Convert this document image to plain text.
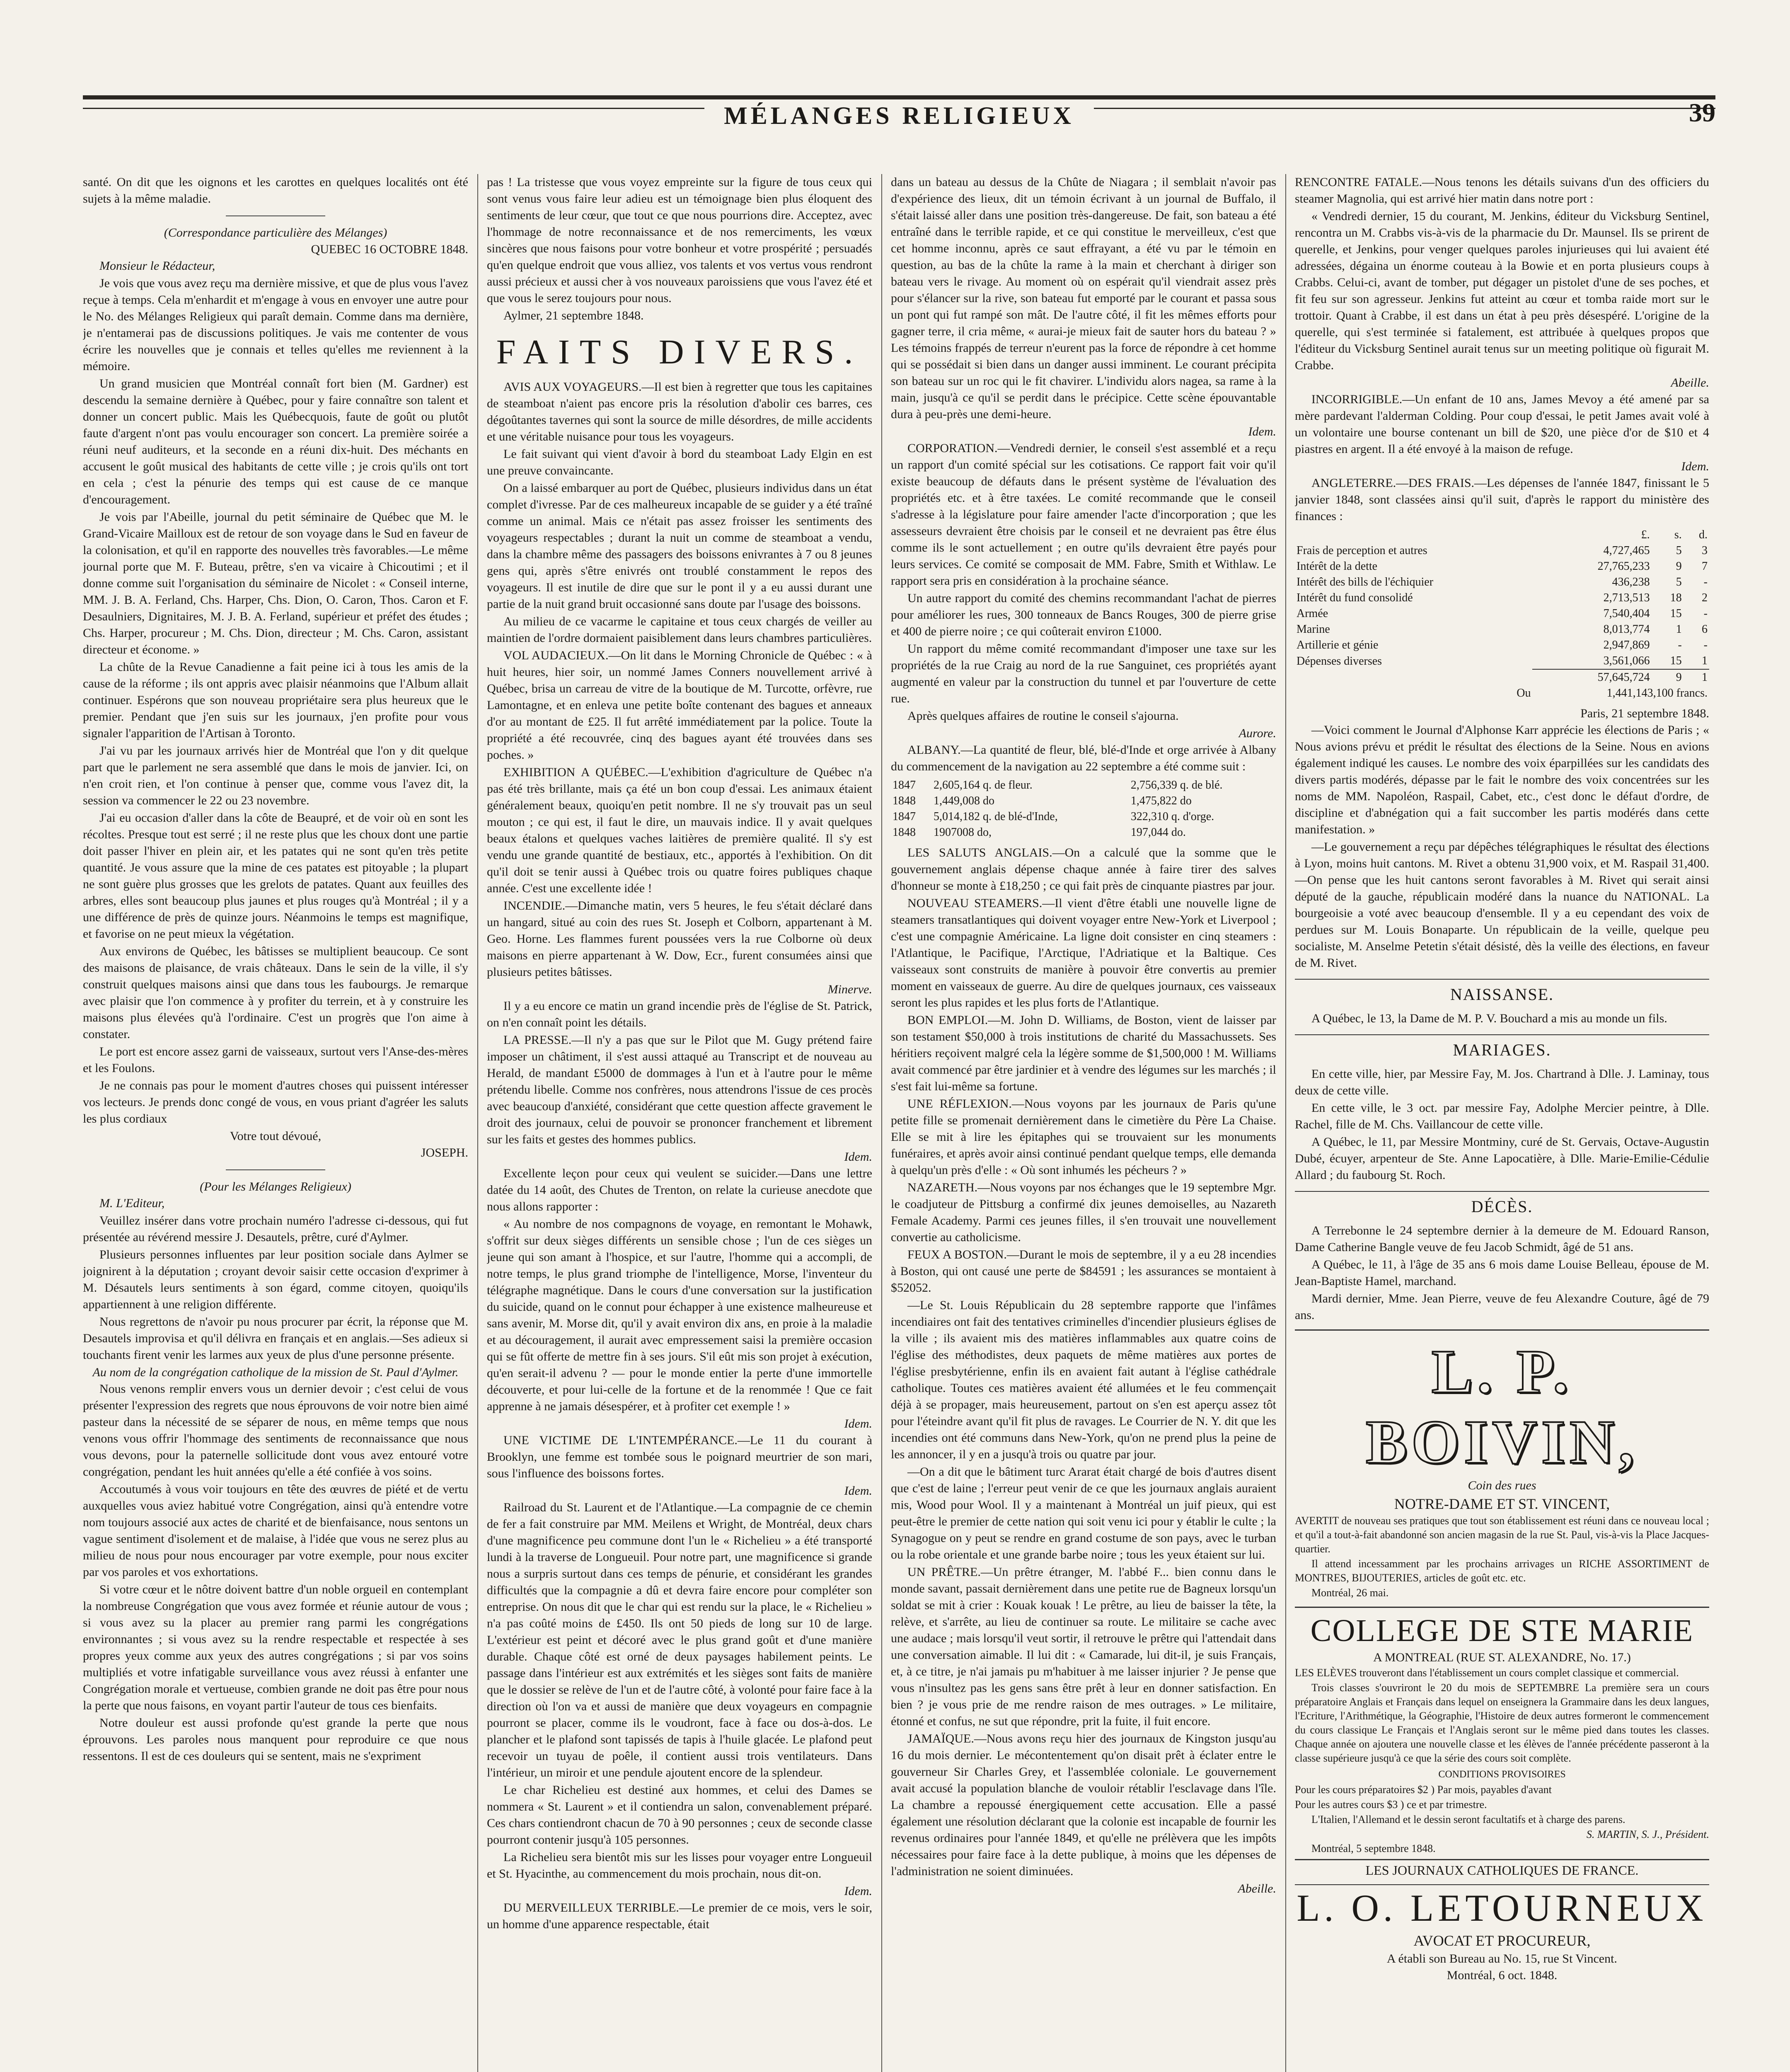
MÉLANGES RELIGIEUX	39

santé. On dit que les oignons et les carottes en quelques localités ont été sujets à la même maladie.

(Correspondance particulière des Mélanges)
QUEBEC 16 OCTOBRE 1848.

Monsieur le Rédacteur,

Je vois que vous avez reçu ma dernière missive, et que de plus vous l'avez reçue à temps. Cela m'enhardit et m'engage à vous en envoyer une autre pour le No. des Mélanges Religieux qui paraît demain. Comme dans ma dernière, je n'entamerai pas de discussions politiques. Je vais me contenter de vous écrire les nouvelles que je connais et telles qu'elles me reviennent à la mémoire.

Un grand musicien que Montréal connaît fort bien (M. Gardner) est descendu la semaine dernière à Québec, pour y faire connaître son talent et donner un concert public. Mais les Québecquois, faute de goût ou plutôt faute d'argent n'ont pas voulu encourager son concert. La première soirée a réuni neuf auditeurs, et la seconde en a réuni dix-huit. Des méchants en accusent le goût musical des habitants de cette ville ; je crois qu'ils ont tort en cela ; c'est la pénurie des temps qui est cause de ce manque d'encouragement.

Je vois par l'Abeille, journal du petit séminaire de Québec que M. le Grand-Vicaire Mailloux est de retour de son voyage dans le Sud en faveur de la colonisation, et qu'il en rapporte des nouvelles très favorables.—Le même journal porte que M. F. Buteau, prêtre, s'en va vicaire à Chicoutimi ; et il donne comme suit l'organisation du séminaire de Nicolet : « Conseil interne, MM. J. B. A. Ferland, Chs. Harper, Chs. Dion, O. Caron, Thos. Caron et F. Desaulniers, Dignitaires, M. J. B. A. Ferland, supérieur et préfet des études ; Chs. Harper, procureur ; M. Chs. Dion, directeur ; M. Chs. Caron, assistant directeur et économe. »

La chûte de la Revue Canadienne a fait peine ici à tous les amis de la cause de la réforme ; ils ont appris avec plaisir néanmoins que l'Album allait continuer. Espérons que son nouveau propriétaire sera plus heureux que le premier. Pendant que j'en suis sur les journaux, j'en profite pour vous signaler l'apparition de l'Artisan à Toronto.

J'ai vu par les journaux arrivés hier de Montréal que l'on y dit quelque part que le parlement ne sera assemblé que dans le mois de janvier. Ici, on n'en croit rien, et l'on continue à penser que, comme vous l'avez dit, la session va commencer le 22 ou 23 novembre.

J'ai eu occasion d'aller dans la côte de Beaupré, et de voir où en sont les récoltes. Presque tout est serré ; il ne reste plus que les choux dont une partie doit passer l'hiver en plein air, et les patates qui ne sont qu'en très petite quantité. Je vous assure que la mine de ces patates est pitoyable ; la plupart ne sont guère plus grosses que les grelots de patates. Quant aux feuilles des arbres, elles sont beaucoup plus jaunes et plus rouges qu'à Montréal ; il y a une différence de près de quinze jours. Néanmoins le temps est magnifique, et favorise on ne peut mieux la végétation.

Aux environs de Québec, les bâtisses se multiplient beaucoup. Ce sont des maisons de plaisance, de vrais châteaux. Dans le sein de la ville, il s'y construit quelques maisons ainsi que dans tous les faubourgs. Je remarque avec plaisir que l'on commence à y profiter du terrein, et à y construire les maisons plus élevées qu'à l'ordinaire. C'est un progrès que l'on aime à constater.

Le port est encore assez garni de vaisseaux, surtout vers l'Anse-des-mères et les Foulons.

Je ne connais pas pour le moment d'autres choses qui puissent intéresser vos lecteurs. Je prends donc congé de vous, en vous priant d'agréer les saluts les plus cordiaux

Votre tout dévoué,
JOSEPH.
(Pour les Mélanges Religieux)

M. L'Editeur,

Veuillez insérer dans votre prochain numéro l'adresse ci-dessous, qui fut présentée au révérend messire J. Desautels, prêtre, curé d'Aylmer.

Plusieurs personnes influentes par leur position sociale dans Aylmer se joignirent à la députation ; croyant devoir saisir cette occasion d'exprimer à M. Désautels leurs sentiments à son égard, comme citoyen, quoiqu'ils appartiennent à une religion différente.

Nous regrettons de n'avoir pu nous procurer par écrit, la réponse que M. Desautels improvisa et qu'il délivra en français et en anglais.—Ses adieux si touchants firent venir les larmes aux yeux de plus d'une personne présente.

Au nom de la congrégation catholique de la mission de St. Paul d'Aylmer.

Nous venons remplir envers vous un dernier devoir ; c'est celui de vous présenter l'expression des regrets que nous éprouvons de voir notre bien aimé pasteur dans la nécessité de se séparer de nous, en même temps que nous venons vous offrir l'hommage des sentiments de reconnaissance que nous vous devons, pour la paternelle sollicitude dont vous avez entouré votre congrégation, pendant les huit années qu'elle a été confiée à vos soins.

Accoutumés à vous voir toujours en tête des œuvres de piété et de vertu auxquelles vous aviez habitué votre Congrégation, ainsi qu'à entendre votre nom toujours associé aux actes de charité et de bienfaisance, nous sentons un vague sentiment d'isolement et de malaise, à l'idée que vous ne serez plus au milieu de nous pour nous encourager par votre exemple, pour nous exciter par vos paroles et vos exhortations.

Si votre cœur et le nôtre doivent battre d'un noble orgueil en contemplant la nombreuse Congrégation que vous avez formée et réunie autour de vous ; si vous avez su la placer au premier rang parmi les congrégations environnantes ; si vous avez su la rendre respectable et respectée à ses propres yeux comme aux yeux des autres congrégations ; si par vos soins multipliés et votre infatigable surveillance vous avez réussi à enfanter une Congrégation morale et vertueuse, combien grande ne doit pas être pour nous la perte que nous faisons, en voyant partir l'auteur de tous ces bienfaits.

Notre douleur est aussi profonde qu'est grande la perte que nous éprouvons. Les paroles nous manquent pour reproduire ce que nous ressentons. Il est de ces douleurs qui se sentent, mais ne s'expriment

pas ! La tristesse que vous voyez empreinte sur la figure de tous ceux qui sont venus vous faire leur adieu est un témoignage bien plus éloquent des sentiments de leur cœur, que tout ce que nous pourrions dire. Acceptez, avec l'hommage de notre reconnaissance et de nos remerciments, les vœux sincères que nous faisons pour votre bonheur et votre prospérité ; persuadés qu'en quelque endroit que vous alliez, vos talents et vos vertus vous rendront aussi précieux et aussi cher à vos nouveaux paroissiens que vous l'avez été et que vous le serez toujours pour nous.

Aylmer, 21 septembre 1848.

FAITS DIVERS.

AVIS AUX VOYAGEURS.—Il est bien à regretter que tous les capitaines de steamboat n'aient pas encore pris la résolution d'abolir ces barres, ces dégoûtantes tavernes qui sont la source de mille désordres, de mille accidents et une véritable nuisance pour tous les voyageurs.

Le fait suivant qui vient d'avoir à bord du steamboat Lady Elgin en est une preuve convaincante.

On a laissé embarquer au port de Québec, plusieurs individus dans un état complet d'ivresse. Par de ces malheureux incapable de se guider y a été traîné comme un animal. Mais ce n'était pas assez froisser les sentiments des voyageurs respectables ; durant la nuit un comme de steamboat a vendu, dans la chambre même des passagers des boissons enivrantes à 7 ou 8 jeunes gens qui, après s'être enivrés ont troublé constamment le repos des voyageurs. Il est inutile de dire que sur le pont il y a eu aussi durant une partie de la nuit grand bruit occasionné sans doute par l'usage des boissons.

Au milieu de ce vacarme le capitaine et tous ceux chargés de veiller au maintien de l'ordre dormaient paisiblement dans leurs chambres particulières.

VOL AUDACIEUX.—On lit dans le Morning Chronicle de Québec : « à huit heures, hier soir, un nommé James Conners nouvellement arrivé à Québec, brisa un carreau de vitre de la boutique de M. Turcotte, orfèvre, rue Lamontagne, et en enleva une petite boîte contenant des bagues et anneaux d'or au montant de £25. Il fut arrêté immédiatement par la police. Toute la propriété a été recouvrée, cinq des bagues ayant été trouvées dans ses poches. »

EXHIBITION A QUÉBEC.—L'exhibition d'agriculture de Québec n'a pas été très brillante, mais ça été un bon coup d'essai. Les animaux étaient généralement beaux, quoiqu'en petit nombre. Il ne s'y trouvait pas un seul mouton ; ce qui est, il faut le dire, un mauvais indice. Il y avait quelques beaux étalons et quelques vaches laitières de première qualité. Il s'y est vendu une grande quantité de bestiaux, etc., apportés à l'exhibition. On dit qu'il doit se tenir aussi à Québec trois ou quatre foires publiques chaque année. C'est une excellente idée !

INCENDIE.—Dimanche matin, vers 5 heures, le feu s'était déclaré dans un hangard, situé au coin des rues St. Joseph et Colborn, appartenant à M. Geo. Horne. Les flammes furent poussées vers la rue Colborne où deux maisons en pierre appartenant à W. Dow, Ecr., furent consumées ainsi que plusieurs petites bâtisses.

Minerve.

Il y a eu encore ce matin un grand incendie près de l'église de St. Patrick, on n'en connaît point les détails.

LA PRESSE.—Il n'y a pas que sur le Pilot que M. Gugy prétend faire imposer un châtiment, il s'est aussi attaqué au Transcript et de nouveau au Herald, de mandant £5000 de dommages à l'un et à l'autre pour le même prétendu libelle. Comme nos confrères, nous attendrons l'issue de ces procès avec beaucoup d'anxiété, considérant que cette question affecte gravement le droit des journaux, celui de pouvoir se prononcer franchement et librement sur les faits et gestes des hommes publics.

Idem.

Excellente leçon pour ceux qui veulent se suicider.—Dans une lettre datée du 14 août, des Chutes de Trenton, on relate la curieuse anecdote que nous allons rapporter :

« Au nombre de nos compagnons de voyage, en remontant le Mohawk, s'offrit sur deux sièges différents un sensible chose ; l'un de ces sièges un jeune qui son amant à l'hospice, et sur l'autre, l'homme qui a accompli, de notre temps, le plus grand triomphe de l'intelligence, Morse, l'inventeur du télégraphe magnétique. Dans le cours d'une conversation sur la justification du suicide, quand on le connut pour échapper à une existence malheureuse et sans avenir, M. Morse dit, qu'il y avait environ dix ans, en proie à la maladie et au découragement, il aurait avec empressement saisi la première occasion qui se fût offerte de mettre fin à ses jours. S'il eût mis son projet à exécution, qu'en serait-il advenu ? — pour le monde entier la perte d'une immortelle découverte, et pour lui-celle de la fortune et de la renommée ! Que ce fait apprenne à ne jamais désespérer, et à profiter cet exemple ! »

Idem.

UNE VICTIME DE L'INTEMPÉRANCE.—Le 11 du courant à Brooklyn, une femme est tombée sous le poignard meurtrier de son mari, sous l'influence des boissons fortes.

Idem.

Railroad du St. Laurent et de l'Atlantique.—La compagnie de ce chemin de fer a fait construire par MM. Meilens et Wright, de Montréal, deux chars d'une magnificence peu commune dont l'un le « Richelieu » a été transporté lundi à la traverse de Longueuil. Pour notre part, une magnificence si grande nous a surpris surtout dans ces temps de pénurie, et considérant les grandes difficultés que la compagnie a dû et devra faire encore pour compléter son entreprise. On nous dit que le char qui est rendu sur la place, le « Richelieu » n'a pas coûté moins de £450. Ils ont 50 pieds de long sur 10 de large. L'extérieur est peint et décoré avec le plus grand goût et d'une manière durable. Chaque côté est orné de deux paysages habilement peints. Le passage dans l'intérieur est aux extrémités et les sièges sont faits de manière que le dossier se relève de l'un et de l'autre côté, à volonté pour faire face à la direction où l'on va et aussi de manière que deux voyageurs en compagnie pourront se placer, comme ils le voudront, face à face ou dos-à-dos. Le plancher et le plafond sont tapissés de tapis à l'huile glacée. Le plafond peut recevoir un tuyau de poêle, il contient aussi trois ventilateurs. Dans l'intérieur, un miroir et une pendule ajoutent encore de la splendeur.

Le char Richelieu est destiné aux hommes, et celui des Dames se nommera « St. Laurent » et il contiendra un salon, convenablement préparé. Ces chars contiendront chacun de 70 à 90 personnes ; ceux de seconde classe pourront contenir jusqu'à 105 personnes.

La Richelieu sera bientôt mis sur les lisses pour voyager entre Longueuil et St. Hyacinthe, au commencement du mois prochain, nous dit-on.

Idem.

DU MERVEILLEUX TERRIBLE.—Le premier de ce mois, vers le soir, un homme d'une apparence respectable, était

dans un bateau au dessus de la Chûte de Niagara ; il semblait n'avoir pas d'expérience des lieux, dit un témoin écrivant à un journal de Buffalo, il s'était laissé aller dans une position très-dangereuse. De fait, son bateau a été entraîné dans le terrible rapide, et ce qui constitue le merveilleux, c'est que cet homme inconnu, après ce saut effrayant, a été vu par le témoin en question, au bas de la chûte la rame à la main et cherchant à diriger son bateau vers le rivage. Au moment où on espérait qu'il viendrait assez près pour s'élancer sur la rive, son bateau fut emporté par le courant et passa sous un pont qui fut rampé son mât. De l'autre côté, il fit les mêmes efforts pour gagner terre, il cria même, « aurai-je mieux fait de sauter hors du bateau ? » Les témoins frappés de terreur n'eurent pas la force de répondre à cet homme qui se possédait si bien dans un danger aussi imminent. Le courant précipita son bateau sur un roc qui le fit chavirer. L'individu alors nagea, sa rame à la main, jusqu'à ce qu'il se perdit dans le précipice. Cette scène épouvantable dura à peu-près une demi-heure.

Idem.

CORPORATION.—Vendredi dernier, le conseil s'est assemblé et a reçu un rapport d'un comité spécial sur les cotisations. Ce rapport fait voir qu'il existe beaucoup de défauts dans le présent système de l'évaluation des propriétés etc. et à être taxées. Le comité recommande que le conseil s'adresse à la législature pour faire amender l'acte d'incorporation ; que les assesseurs devraient être choisis par le conseil et ne devraient pas être élus comme ils le sont actuellement ; en outre qu'ils devraient être payés pour leurs services. Ce comité se composait de MM. Fabre, Smith et Withlaw. Le rapport sera pris en considération à la prochaine séance.

Un autre rapport du comité des chemins recommandant l'achat de pierres pour améliorer les rues, 300 tonneaux de Bancs Rouges, 300 de pierre grise et 400 de pierre noire ; ce qui coûterait environ £1000.

Un rapport du même comité recommandant d'imposer une taxe sur les propriétés de la rue Craig au nord de la rue Sanguinet, ces propriétés ayant augmenté en valeur par la construction du tunnel et par l'ouverture de cette rue.

Après quelques affaires de routine le conseil s'ajourna.

Aurore.

ALBANY.—La quantité de fleur, blé, blé-d'Inde et orge arrivée à Albany du commencement de la navigation au 22 septembre a été comme suit :

1847	2,605,164 q. de fleur.	2,756,339 q. de blé.
1848	1,449,008 do	1,475,822 do
1847	5,014,182 q. de blé-d'Inde,	322,310 q. d'orge.
1848	1907008 do,	197,044 do.

LES SALUTS ANGLAIS.—On a calculé que la somme que le gouvernement anglais dépense chaque année à faire tirer des salves d'honneur se monte à £18,250 ; ce qui fait près de cinquante piastres par jour.

NOUVEAU STEAMERS.—Il vient d'être établi une nouvelle ligne de steamers transatlantiques qui doivent voyager entre New-York et Liverpool ; c'est une compagnie Américaine. La ligne doit consister en cinq steamers : l'Atlantique, le Pacifique, l'Arctique, l'Adriatique et la Baltique. Ces vaisseaux sont construits de manière à pouvoir être convertis au premier moment en vaisseaux de guerre. Au dire de quelques journaux, ces vaisseaux seront les plus rapides et les plus forts de l'Atlantique.

BON EMPLOI.—M. John D. Williams, de Boston, vient de laisser par son testament $50,000 à trois institutions de charité du Massachussets. Ses héritiers reçoivent malgré cela la légère somme de $1,500,000 ! M. Williams avait commencé par être jardinier et à vendre des légumes sur les marchés ; il s'est fait lui-même sa fortune.

UNE RÉFLEXION.—Nous voyons par les journaux de Paris qu'une petite fille se promenait dernièrement dans le cimetière du Père La Chaise. Elle se mit à lire les épitaphes qui se trouvaient sur les monuments funéraires, et après avoir ainsi continué pendant quelque temps, elle demanda à quelqu'un près d'elle : « Où sont inhumés les pécheurs ? »

NAZARETH.—Nous voyons par nos échanges que le 19 septembre Mgr. le coadjuteur de Pittsburg a confirmé dix jeunes demoiselles, au Nazareth Female Academy. Parmi ces jeunes filles, il s'en trouvait une nouvellement convertie au catholicisme.

FEUX A BOSTON.—Durant le mois de septembre, il y a eu 28 incendies à Boston, qui ont causé une perte de $84591 ; les assurances se montaient à $52052.

—Le St. Louis Républicain du 28 septembre rapporte que l'infâmes incendiaires ont fait des tentatives criminelles d'incendier plusieurs églises de la ville ; ils avaient mis des matières inflammables aux quatre coins de l'église des méthodistes, deux paquets de même matières aux portes de l'église presbytérienne, enfin ils en avaient fait autant à l'église cathédrale catholique. Toutes ces matières avaient été allumées et le feu commençait déjà à se propager, mais heureusement, partout on s'en est aperçu assez tôt pour l'éteindre avant qu'il fit plus de ravages. Le Courrier de N. Y. dit que les incendies ont été communs dans New-York, qu'on ne prend plus la peine de les annoncer, il y en a jusqu'à trois ou quatre par jour.

—On a dit que le bâtiment turc Ararat était chargé de bois d'autres disent que c'est de laine ; l'erreur peut venir de ce que les journaux anglais auraient mis, Wood pour Wool. Il y a maintenant à Montréal un juif pieux, qui est peut-être le premier de cette nation qui soit venu ici pour y établir le culte ; la Synagogue on y peut se rendre en grand costume de son pays, avec le turban ou la robe orientale et une grande barbe noire ; tous les yeux étaient sur lui.

UN PRÊTRE.—Un prêtre étranger, M. l'abbé F... bien connu dans le monde savant, passait dernièrement dans une petite rue de Bagneux lorsqu'un soldat se mit à crier : Kouak kouak ! Le prêtre, au lieu de baisser la tête, la relève, et s'arrête, au lieu de continuer sa route. Le militaire se cache avec une audace ; mais lorsqu'il veut sortir, il retrouve le prêtre qui l'attendait dans une conversation aimable. Il lui dit : « Camarade, lui dit-il, je suis Français, et, à ce titre, je n'ai jamais pu m'habituer à me laisser injurier ? Je pense que vous n'insultez pas les gens sans être prêt à leur en donner satisfaction. En bien ? je vous prie de me rendre raison de mes outrages. » Le militaire, étonné et confus, ne sut que répondre, prit la fuite, il fuit encore.

JAMAÏQUE.—Nous avons reçu hier des journaux de Kingston jusqu'au 16 du mois dernier. Le mécontentement qu'on disait prêt à éclater entre le gouverneur Sir Charles Grey, et l'assemblée coloniale. Le gouvernement avait accusé la population blanche de vouloir rétablir l'esclavage dans l'île. La chambre a repoussé énergiquement cette accusation. Elle a passé également une résolution déclarant que la colonie est incapable de fournir les revenus ordinaires pour l'année 1849, et qu'elle ne prélèvera que les impôts nécessaires pour faire face à la dette publique, à moins que les dépenses de l'administration ne soient diminuées.

Abeille.

RENCONTRE FATALE.—Nous tenons les détails suivans d'un des officiers du steamer Magnolia, qui est arrivé hier matin dans notre port :

« Vendredi dernier, 15 du courant, M. Jenkins, éditeur du Vicksburg Sentinel, rencontra un M. Crabbs vis-à-vis de la pharmacie du Dr. Maunsel. Ils se prirent de querelle, et Jenkins, pour venger quelques paroles injurieuses qui lui avaient été adressées, dégaina un énorme couteau à la Bowie et en porta plusieurs coups à Crabbs. Celui-ci, avant de tomber, put dégager un pistolet d'une de ses poches, et fit feu sur son agresseur. Jenkins fut atteint au cœur et tomba raide mort sur le trottoir. Quant à Crabbe, il est dans un état à peu près désespéré. L'origine de la querelle, qui s'est terminée si fatalement, est attribuée à quelques propos que l'éditeur du Vicksburg Sentinel aurait tenus sur un meeting politique où figurait M. Crabbe.

Abeille.

INCORRIGIBLE.—Un enfant de 10 ans, James Mevoy a été amené par sa mère pardevant l'alderman Colding. Pour coup d'essai, le petit James avait volé à un volontaire une bourse contenant un bill de $20, une pièce d'or de $10 et 4 piastres en argent. Il a été envoyé à la maison de refuge.

Idem.

ANGLETERRE.—DES FRAIS.—Les dépenses de l'année 1847, finissant le 5 janvier 1848, sont classées ainsi qu'il suit, d'après le rapport du ministère des finances :

	£.	s.	d.
Frais de perception et autres	4,727,465	5	3
Intérêt de la dette	27,765,233	9	7
Intérêt des bills de l'échiquier	436,238	5	-
Intérêt du fund consolidé	2,713,513	18	2
Armée	7,540,404	15	-
Marine	8,013,774	1	6
Artillerie et génie	2,947,869	-	-
Dépenses diverses	3,561,066	15	1
	57,645,724	9	1
Ou	1,441,143,100 francs.		
Paris, 21 septembre 1848.

—Voici comment le Journal d'Alphonse Karr apprécie les élections de Paris ; « Nous avions prévu et prédit le résultat des élections de la Seine. Nous en avions également indiqué les causes. Le nombre des voix éparpillées sur les candidats des divers partis modérés, dépasse par le fait le nombre des voix concentrées sur les noms de MM. Napoléon, Raspail, Cabet, etc., c'est donc le défaut d'ordre, de discipline et d'abnégation qui a fait succomber les partis modérés dans cette manifestation. »

—Le gouvernement a reçu par dépêches télégraphiques le résultat des élections à Lyon, moins huit cantons. M. Rivet a obtenu 31,900 voix, et M. Raspail 31,400.—On pense que les huit cantons seront favorables à M. Rivet qui serait ainsi député de la gauche, républicain modéré dans la nuance du NATIONAL. La bourgeoisie a voté avec beaucoup d'ensemble. Il y a eu cependant des voix de perdues sur M. Louis Bonaparte. Un républicain de la veille, quelque peu socialiste, M. Anselme Petetin s'était désisté, dès la veille des élections, en faveur de M. Rivet.

NAISSANSE.

A Québec, le 13, la Dame de M. P. V. Bouchard a mis au monde un fils.

MARIAGES.

En cette ville, hier, par Messire Fay, M. Jos. Chartrand à Dlle. J. Laminay, tous deux de cette ville.

En cette ville, le 3 oct. par messire Fay, Adolphe Mercier peintre, à Dlle. Rachel, fille de M. Chs. Vaillancour de cette ville.

A Québec, le 11, par Messire Montminy, curé de St. Gervais, Octave-Augustin Dubé, écuyer, arpenteur de Ste. Anne Lapocatière, à Dlle. Marie-Emilie-Cédulie Allard ; du faubourg St. Roch.

DÉCÈS.

A Terrebonne le 24 septembre dernier à la demeure de M. Edouard Ranson, Dame Catherine Bangle veuve de feu Jacob Schmidt, âgé de 51 ans.

A Québec, le 11, à l'âge de 35 ans 6 mois dame Louise Belleau, épouse de M. Jean-Baptiste Hamel, marchand.

Mardi dernier, Mme. Jean Pierre, veuve de feu Alexandre Couture, âgé de 79 ans.

L. P. BOIVIN,
Coin des rues
NOTRE-DAME ET ST. VINCENT,

AVERTIT de nouveau ses pratiques que tout son établissement est réuni dans ce nouveau local ; et qu'il a tout-à-fait abandonné son ancien magasin de la rue St. Paul, vis-à-vis la Place Jacques-quartier.

Il attend incessamment par les prochains arrivages un RICHE ASSORTIMENT de MONTRES, BIJOUTERIES, articles de goût etc. etc.

Montréal, 26 mai.

COLLEGE DE STE MARIE
A MONTREAL (RUE ST. ALEXANDRE, No. 17.)

LES ELÈVES trouveront dans l'établissement un cours complet classique et commercial.

Trois classes s'ouvriront le 20 du mois de SEPTEMBRE La première sera un cours préparatoire Anglais et Français dans lequel on enseignera la Grammaire dans les deux langues, l'Ecriture, l'Arithmétique, la Géographie, l'Histoire de deux autres formeront le commencement du cours classique Le Français et l'Anglais seront sur le même pied dans toutes les classes. Chaque année on ajoutera une nouvelle classe et les élèves de l'année précédente passeront à la classe supérieure jusqu'à ce que la série des cours soit complète.

CONDITIONS PROVISOIRES

Pour les cours préparatoires $2 ) Par mois, payables d'avant

Pour les autres cours $3 ) ce et par trimestre.

L'Italien, l'Allemand et le dessin seront facultatifs et à charge des parens.

S. MARTIN, S. J., Président.

Montréal, 5 septembre 1848.

LES JOURNAUX CATHOLIQUES DE FRANCE.
L. O. LETOURNEUX
AVOCAT ET PROCUREUR,
A établi son Bureau au No. 15, rue St Vincent.
Montréal, 6 oct. 1848.
